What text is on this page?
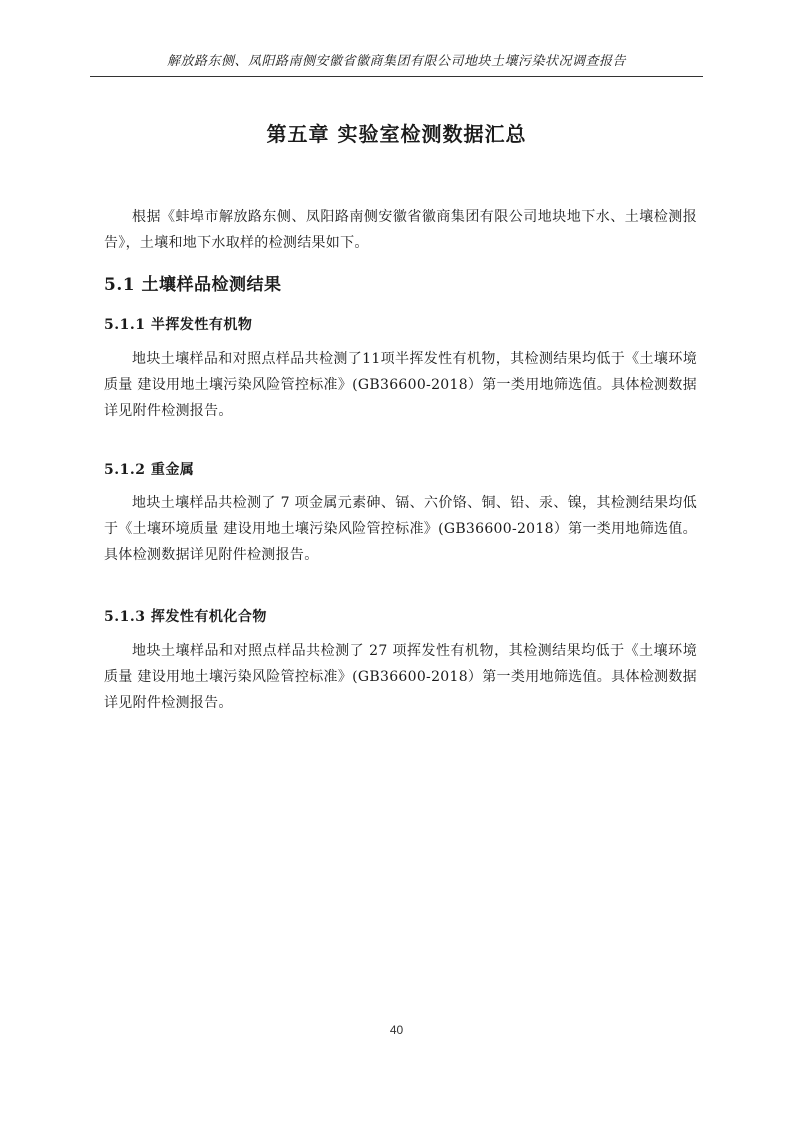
解放路东侧、凤阳路南侧安徽省徽商集团有限公司地块土壤污染状况调查报告
第五章 实验室检测数据汇总

根据《蚌埠市解放路东侧、凤阳路南侧安徽省徽商集团有限公司地块地下水、土壤检测报告》，土壤和地下水取样的检测结果如下。

5.1 土壤样品检测结果
5.1.1 半挥发性有机物

地块土壤样品和对照点样品共检测了11项半挥发性有机物，其检测结果均低于《土壤环境质量 建设用地土壤污染风险管控标准》(GB36600-2018）第一类用地筛选值。具体检测数据详见附件检测报告。

5.1.2 重金属

地块土壤样品共检测了 7 项金属元素砷、镉、六价铬、铜、铅、汞、镍，其检测结果均低于《土壤环境质量 建设用地土壤污染风险管控标准》(GB36600-2018）第一类用地筛选值。具体检测数据详见附件检测报告。

5.1.3 挥发性有机化合物

地块土壤样品和对照点样品共检测了 27 项挥发性有机物，其检测结果均低于《土壤环境质量 建设用地土壤污染风险管控标准》(GB36600-2018）第一类用地筛选值。具体检测数据详见附件检测报告。

40
